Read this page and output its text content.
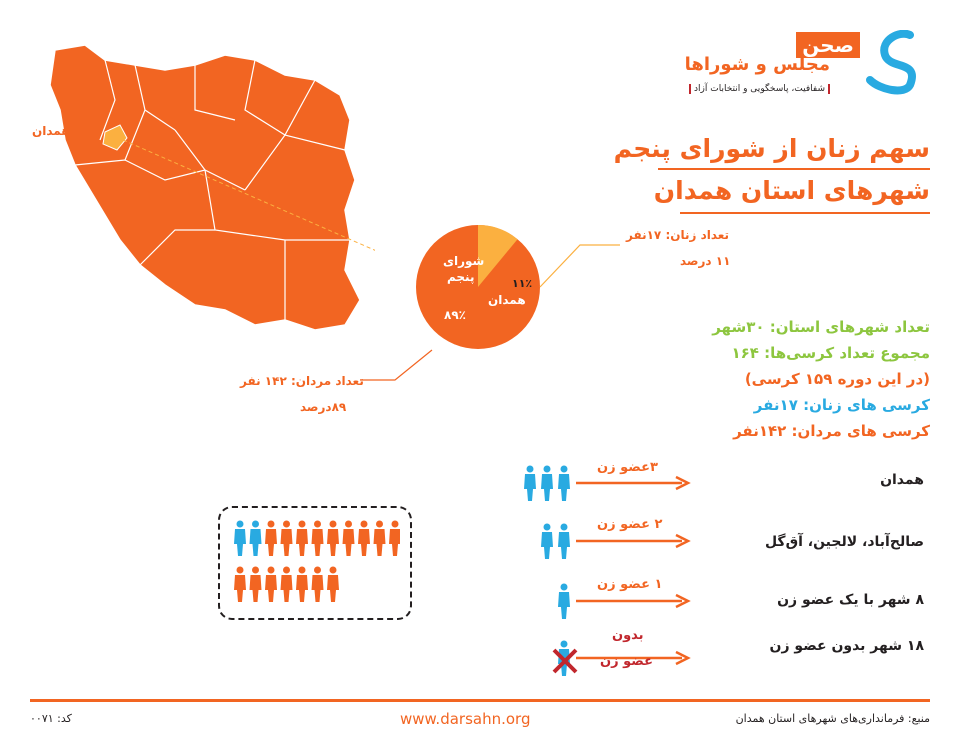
صحن
مجلس و شوراها
شفافیت، پاسخگویی و انتخابات آزاد
سهم زنان از شورای پنجم
شهرهای استان همدان
همدان
شورای
پنجم	۱۱٪
همدان
۸۹٪
تعداد زنان: ۱۷نفر
۱۱ درصد
تعداد مردان: ۱۴۲ نفر
۸۹درصد
تعداد شهرهای استان: ۳۰شهر
مجموع تعداد کرسی‌ها: ۱۶۴
(در این دوره ۱۵۹ کرسی)
کرسی های زنان: ۱۷نفر
کرسی های مردان: ۱۴۲نفر
همدان
۳عضو زن
صالح‌آباد، لالجین، آق‌گل
۲ عضو زن
۸ شهر با یک عضو زن
۱ عضو زن
۱۸ شهر بدون عضو زن
بدون
عضو زن
منبع: فرمانداری‌های شهرهای استان همدان
www.darsahn.org
کد: ۰۰۷۱
